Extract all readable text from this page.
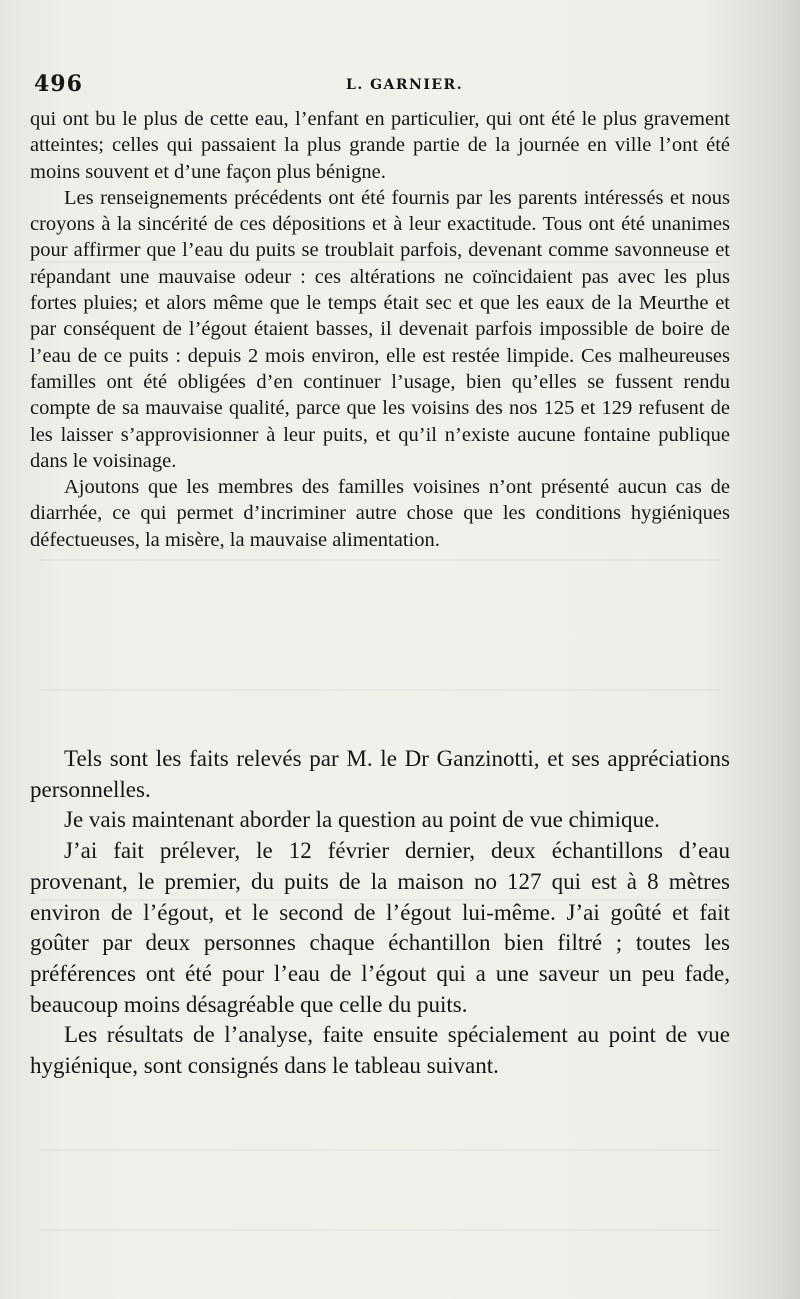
496	L. GARNIER.

qui ont bu le plus de cette eau, l’enfant en particulier, qui ont été le plus gravement atteintes; celles qui passaient la plus grande partie de la journée en ville l’ont été moins souvent et d’une façon plus bénigne.

Les renseignements précédents ont été fournis par les parents intéressés et nous croyons à la sincérité de ces dépositions et à leur exactitude. Tous ont été unanimes pour affirmer que l’eau du puits se troublait parfois, devenant comme savonneuse et répandant une mauvaise odeur : ces altérations ne coïncidaient pas avec les plus fortes pluies; et alors même que le temps était sec et que les eaux de la Meurthe et par conséquent de l’égout étaient basses, il devenait parfois impossible de boire de l’eau de ce puits : depuis 2 mois environ, elle est restée limpide. Ces malheureuses familles ont été obligées d’en continuer l’usage, bien qu’elles se fussent rendu compte de sa mauvaise qualité, parce que les voisins des nos 125 et 129 refusent de les laisser s’approvisionner à leur puits, et qu’il n’existe aucune fontaine publique dans le voisinage.

Ajoutons que les membres des familles voisines n’ont présenté aucun cas de diarrhée, ce qui permet d’incriminer autre chose que les conditions hygiéniques défectueuses, la misère, la mauvaise alimentation.

Tels sont les faits relevés par M. le Dr Ganzinotti, et ses appréciations personnelles.

Je vais maintenant aborder la question au point de vue chimique.

J’ai fait prélever, le 12 février dernier, deux échantillons d’eau provenant, le premier, du puits de la maison no 127 qui est à 8 mètres environ de l’égout, et le second de l’égout lui-même. J’ai goûté et fait goûter par deux personnes chaque échantillon bien filtré ; toutes les préférences ont été pour l’eau de l’égout qui a une saveur un peu fade, beaucoup moins désagréable que celle du puits.

Les résultats de l’analyse, faite ensuite spécialement au point de vue hygiénique, sont consignés dans le tableau suivant.
